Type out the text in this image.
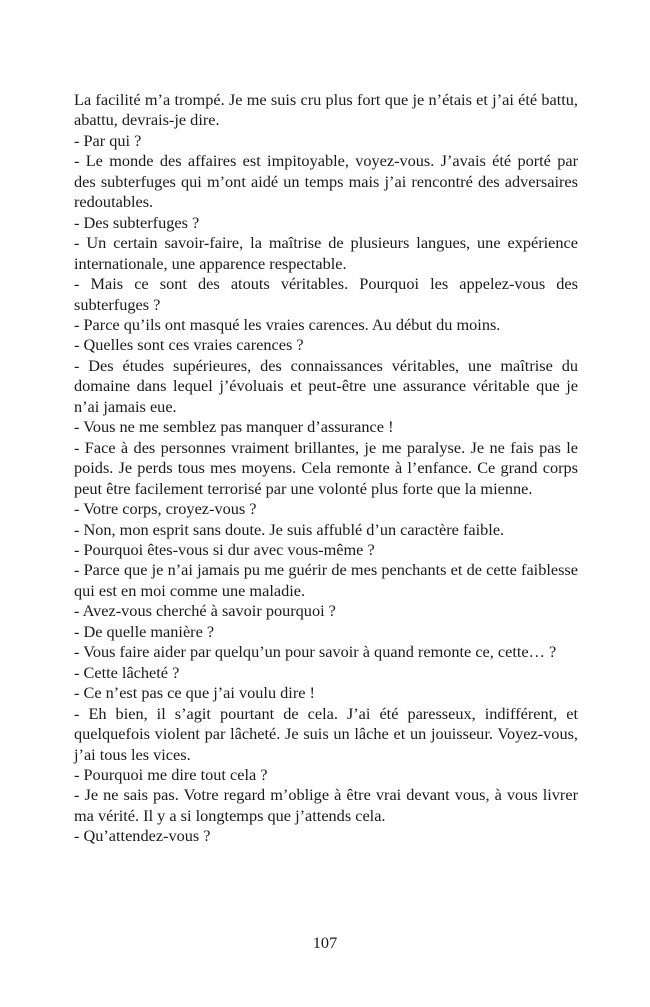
La facilité m’a trompé. Je me suis cru plus fort que je n’étais et j’ai été battu, abattu, devrais-je dire.

- Par qui ?

- Le monde des affaires est impitoyable, voyez-vous. J’avais été porté par des subterfuges qui m’ont aidé un temps mais j’ai rencontré des adversaires redoutables.

- Des subterfuges ?

- Un certain savoir-faire, la maîtrise de plusieurs langues, une expérience internationale, une apparence respectable.

- Mais ce sont des atouts véritables. Pourquoi les appelez-vous des subterfuges ?

- Parce qu’ils ont masqué les vraies carences. Au début du moins.

- Quelles sont ces vraies carences ?

- Des études supérieures, des connaissances véritables, une maîtrise du domaine dans lequel j’évoluais et peut-être une assurance véritable que je n’ai jamais eue.

- Vous ne me semblez pas manquer d’assurance !

- Face à des personnes vraiment brillantes, je me paralyse. Je ne fais pas le poids. Je perds tous mes moyens. Cela remonte à l’enfance. Ce grand corps peut être facilement terrorisé par une volonté plus forte que la mienne.

- Votre corps, croyez-vous ?

- Non, mon esprit sans doute. Je suis affublé d’un caractère faible.

- Pourquoi êtes-vous si dur avec vous-même ?

- Parce que je n’ai jamais pu me guérir de mes penchants et de cette faiblesse qui est en moi comme une maladie.

- Avez-vous cherché à savoir pourquoi ?

- De quelle manière ?

- Vous faire aider par quelqu’un pour savoir à quand remonte ce, cette… ?

- Cette lâcheté ?

- Ce n’est pas ce que j’ai voulu dire !

- Eh bien, il s’agit pourtant de cela. J’ai été paresseux, indifférent, et quelquefois violent par lâcheté. Je suis un lâche et un jouisseur. Voyez-vous, j’ai tous les vices.

- Pourquoi me dire tout cela ?

- Je ne sais pas. Votre regard m’oblige à être vrai devant vous, à vous livrer ma vérité. Il y a si longtemps que j’attends cela.

- Qu’attendez-vous ?

107
